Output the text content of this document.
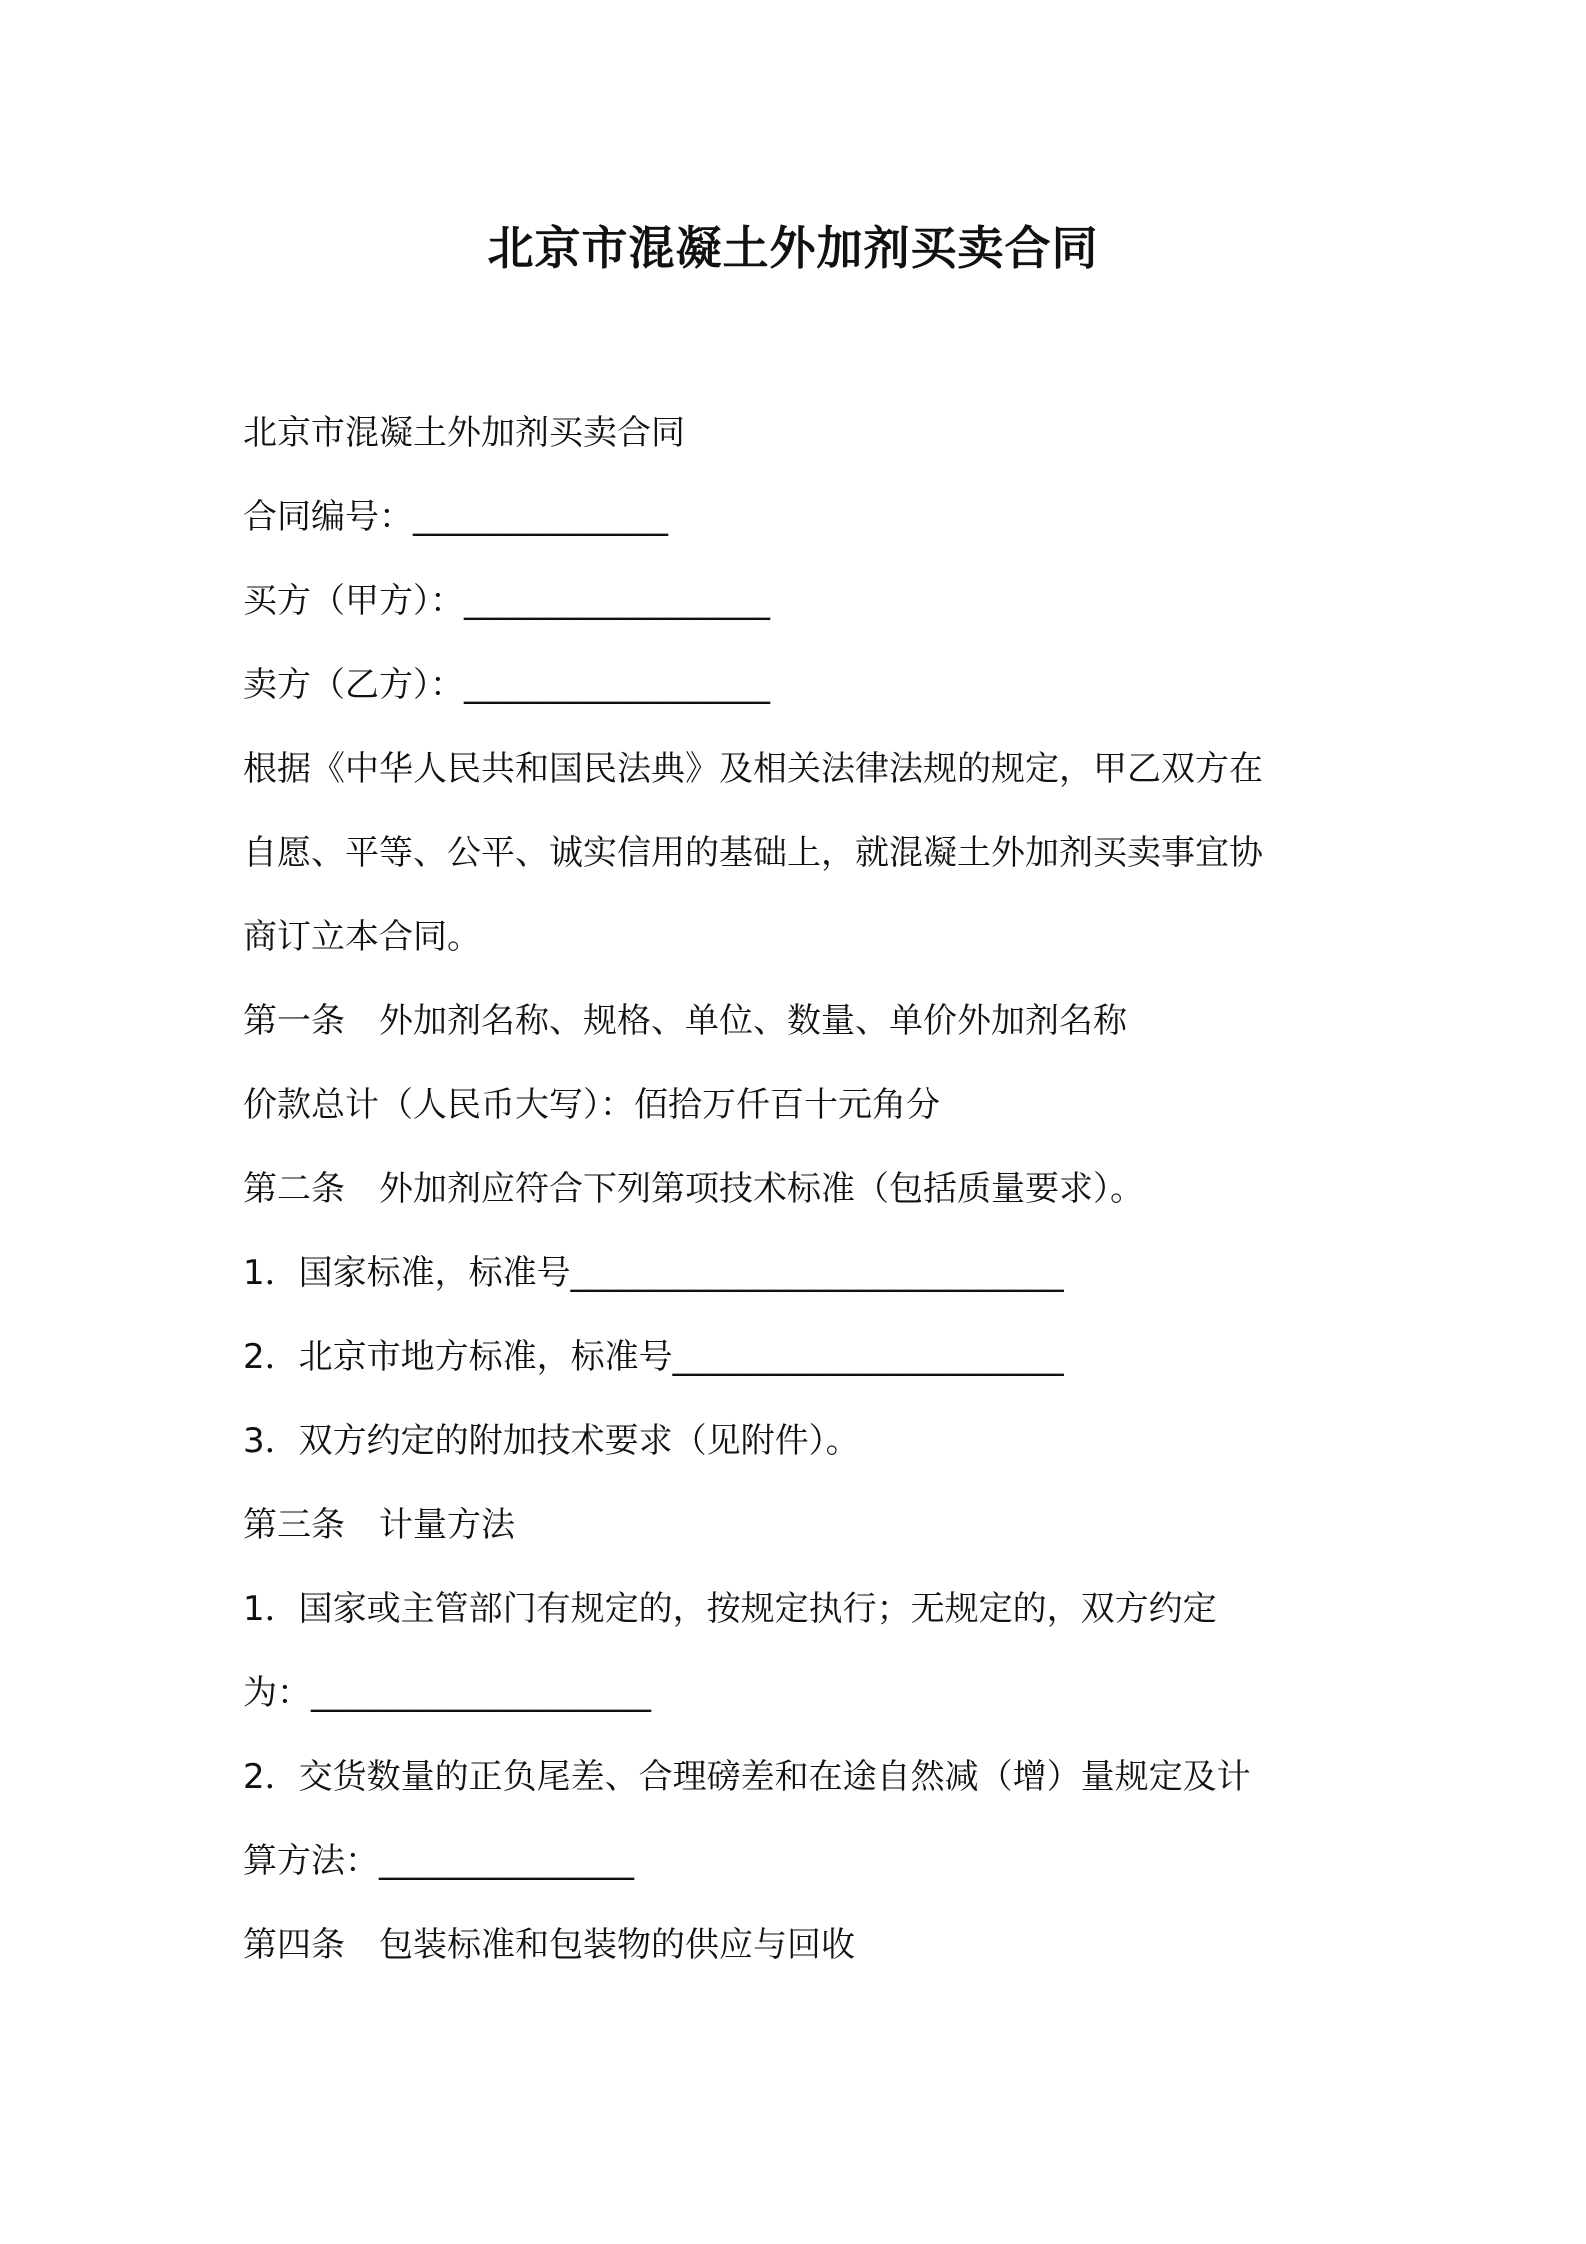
北京市混凝土外加剂买卖合同

北京市混凝土外加剂买卖合同

合同编号：_______________

买方（甲方）：__________________

卖方（乙方）：__________________

根据《中华人民共和国民法典》及相关法律法规的规定，甲乙双方在

自愿、平等、公平、诚实信用的基础上，就混凝土外加剂买卖事宜协

商订立本合同。

第一条 外加剂名称、规格、单位、数量、单价外加剂名称

价款总计（人民币大写）：佰拾万仟百十元角分

第二条 外加剂应符合下列第项技术标准（包括质量要求）。

1．国家标准，标准号_____________________________

2．北京市地方标准，标准号_______________________

3．双方约定的附加技术要求（见附件）。

第三条 计量方法

1．国家或主管部门有规定的，按规定执行；无规定的，双方约定

为：____________________

2．交货数量的正负尾差、合理磅差和在途自然减（增）量规定及计

算方法：_______________

第四条 包装标准和包装物的供应与回收
